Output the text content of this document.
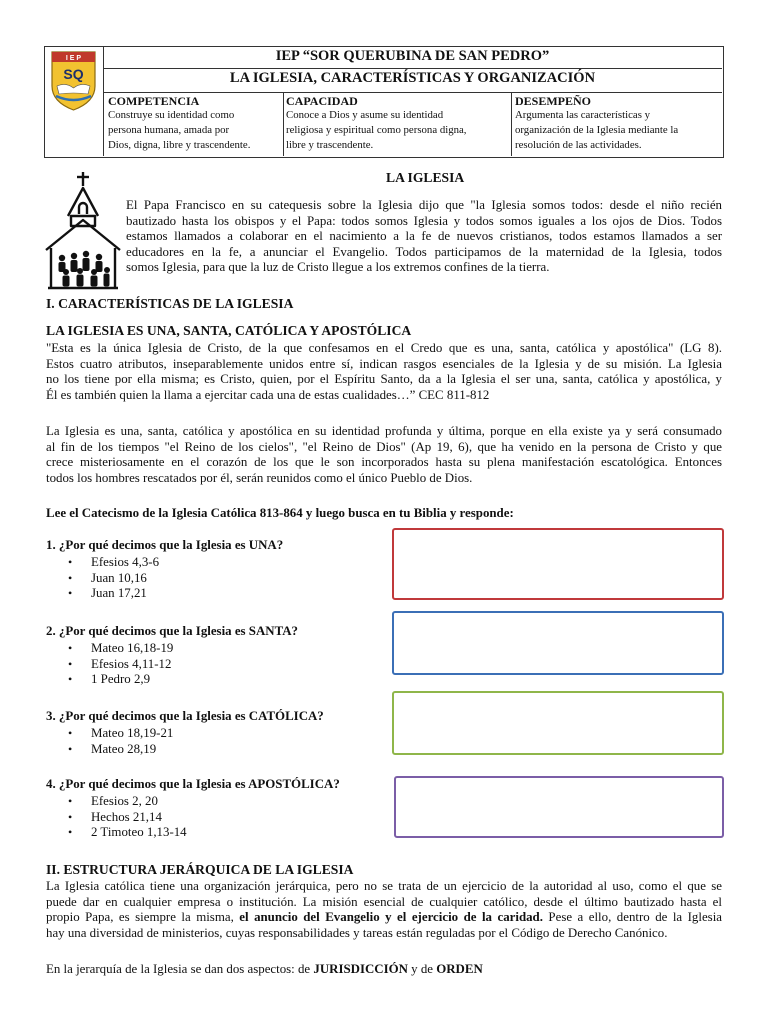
I E P
SQ
IEP “SOR QUERUBINA DE SAN PEDRO”
LA IGLESIA, CARACTERÍSTICAS Y ORGANIZACIÓN
COMPETENCIA
Construye su identidad como
persona humana, amada por
Dios, digna, libre y trascendente.
CAPACIDAD
Conoce a Dios y asume su identidad
religiosa y espiritual como persona digna,
libre y trascendente.
DESEMPEÑO
Argumenta las características y
organización de la Iglesia mediante la
resolución de las actividades.
LA IGLESIA
El Papa Francisco en su catequesis sobre la Iglesia dijo que "la Iglesia somos todos: desde el niño recién
bautizado hasta los obispos y el Papa: todos somos Iglesia y todos somos iguales a los ojos de Dios. Todos
estamos llamados a colaborar en el nacimiento a la fe de nuevos cristianos, todos estamos llamados a ser
educadores en la fe, a anunciar el Evangelio. Todos participamos de la maternidad de la Iglesia, todos
somos Iglesia, para que la luz de Cristo llegue a los extremos confines de la tierra.
I. CARACTERÍSTICAS DE LA IGLESIA
LA IGLESIA ES UNA, SANTA, CATÓLICA Y APOSTÓLICA
"Esta es la única Iglesia de Cristo, de la que confesamos en el Credo que es una, santa, católica y apostólica" (LG 8).
Estos cuatro atributos, inseparablemente unidos entre sí, indican rasgos esenciales de la Iglesia y de su misión. La Iglesia
no los tiene por ella misma; es Cristo, quien, por el Espíritu Santo, da a la Iglesia el ser una, santa, católica y apostólica, y
Él es también quien la llama a ejercitar cada una de estas cualidades…” CEC 811-812
La Iglesia es una, santa, católica y apostólica en su identidad profunda y última, porque en ella existe ya y será consumado
al fin de los tiempos "el Reino de los cielos", "el Reino de Dios" (Ap 19, 6), que ha venido en la persona de Cristo y que
crece misteriosamente en el corazón de los que le son incorporados hasta su plena manifestación escatológica. Entonces
todos los hombres rescatados por él, serán reunidos como el único Pueblo de Dios.
Lee el Catecismo de la Iglesia Católica 813-864 y luego busca en tu Biblia y responde:
1. ¿Por qué decimos que la Iglesia es UNA?
• Efesios 4,3-6
• Juan 10,16
• Juan 17,21
2. ¿Por qué decimos que la Iglesia es SANTA?
• Mateo 16,18-19
• Efesios 4,11-12
• 1 Pedro 2,9
3. ¿Por qué decimos que la Iglesia es CATÓLICA?
• Mateo 18,19-21
• Mateo 28,19
4. ¿Por qué decimos que la Iglesia es APOSTÓLICA?
• Efesios 2, 20
• Hechos 21,14
• 2 Timoteo 1,13-14
II. ESTRUCTURA JERÁRQUICA DE LA IGLESIA
La Iglesia católica tiene una organización jerárquica, pero no se trata de un ejercicio de la autoridad al uso, como el que se
puede dar en cualquier empresa o institución. La misión esencial de cualquier católico, desde el último bautizado hasta el
propio Papa, es siempre la misma, el anuncio del Evangelio y el ejercicio de la caridad. Pese a ello, dentro de la Iglesia
hay una diversidad de ministerios, cuyas responsabilidades y tareas están reguladas por el Código de Derecho Canónico.
En la jerarquía de la Iglesia se dan dos aspectos: de JURISDICCIÓN y de ORDEN
